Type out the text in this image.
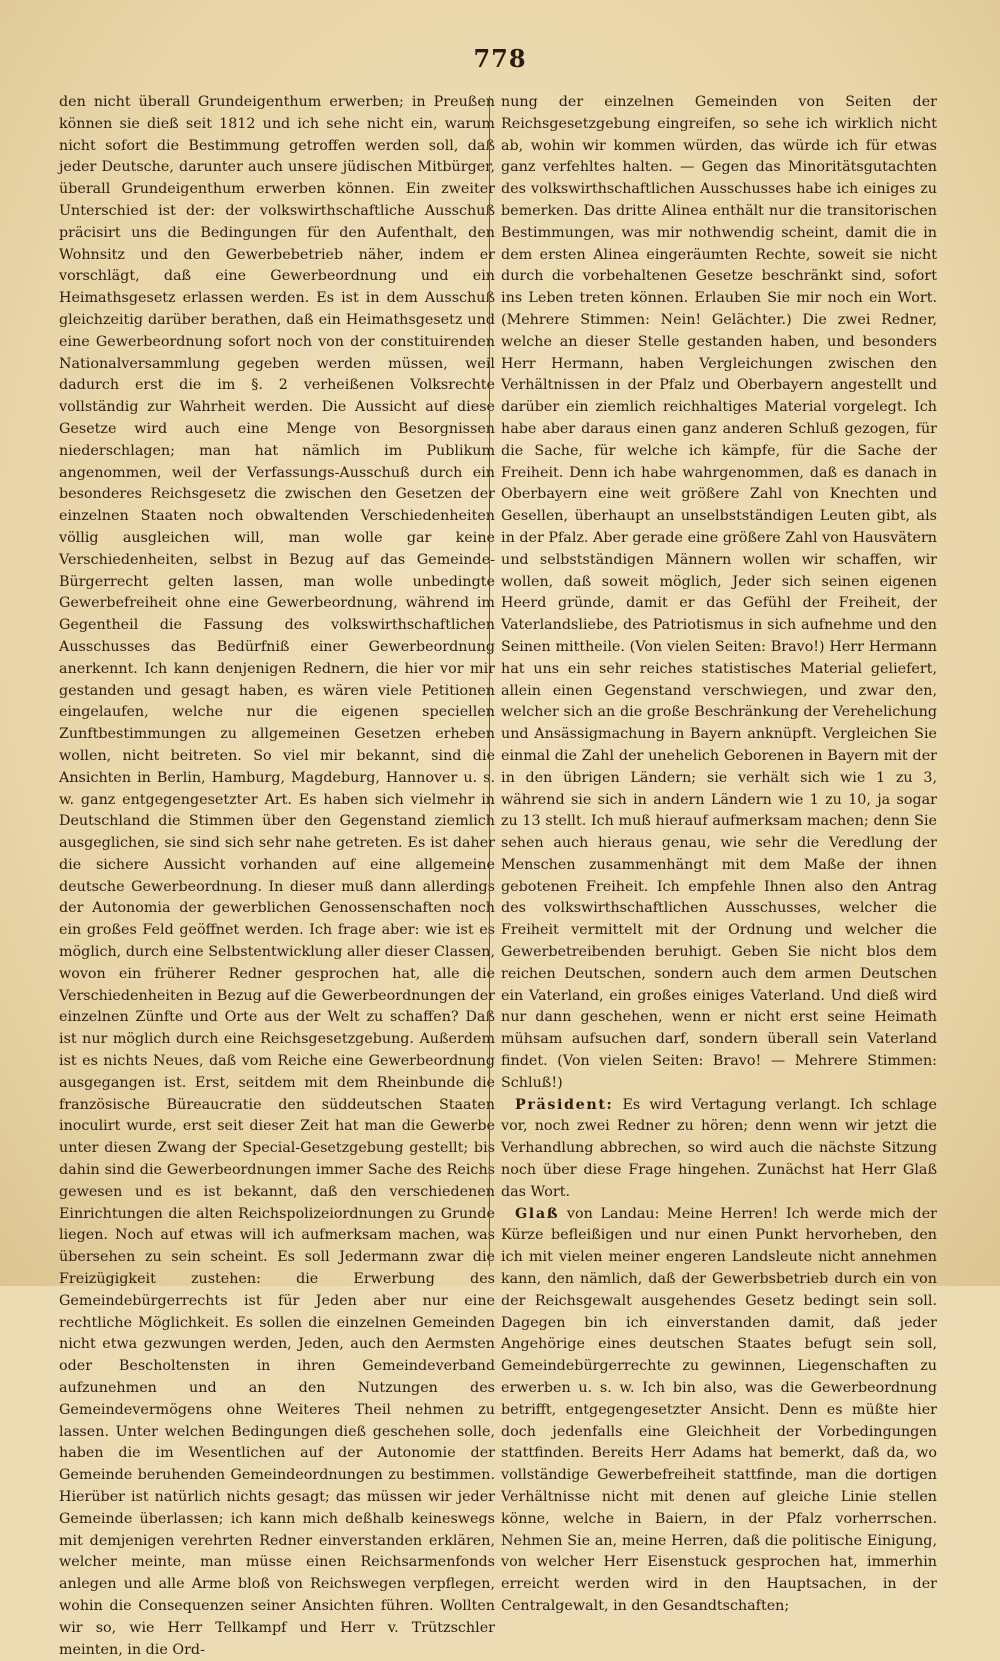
778

den nicht überall Grundeigenthum erwerben; in Preußen können sie dieß seit 1812 und ich sehe nicht ein, warum nicht sofort die Bestimmung getroffen werden soll, daß jeder Deutsche, darunter auch unsere jüdischen Mitbürger, überall Grundeigenthum erwerben können. Ein zweiter Unterschied ist der: der volkswirthschaftliche Ausschuß präcisirt uns die Bedingungen für den Aufenthalt, den Wohnsitz und den Gewerbebetrieb näher, indem er vorschlägt, daß eine Gewerbeordnung und ein Heimathsgesetz erlassen werden. Es ist in dem Ausschuß gleichzeitig darüber berathen, daß ein Heimathsgesetz und eine Gewerbeordnung sofort noch von der constituirenden Nationalversammlung gegeben werden müssen, weil dadurch erst die im §. 2 verheißenen Volksrechte vollständig zur Wahrheit werden. Die Aussicht auf diese Gesetze wird auch eine Menge von Besorgnissen niederschlagen; man hat nämlich im Publikum angenommen, weil der Verfassungs-Ausschuß durch ein besonderes Reichsgesetz die zwischen den Gesetzen der einzelnen Staaten noch obwaltenden Verschiedenheiten völlig ausgleichen will, man wolle gar keine Verschiedenheiten, selbst in Bezug auf das Gemeinde-Bürgerrecht gelten lassen, man wolle unbedingte Gewerbefreiheit ohne eine Gewerbeordnung, während im Gegentheil die Fassung des volkswirthschaftlichen Ausschusses das Bedürfniß einer Gewerbeordnung anerkennt. Ich kann denjenigen Rednern, die hier vor mir gestanden und gesagt haben, es wären viele Petitionen eingelaufen, welche nur die eigenen speciellen Zunftbestimmungen zu allgemeinen Gesetzen erheben wollen, nicht beitreten. So viel mir bekannt, sind die Ansichten in Berlin, Hamburg, Magdeburg, Hannover u. s. w. ganz entgegengesetzter Art. Es haben sich vielmehr in Deutschland die Stimmen über den Gegenstand ziemlich ausgeglichen, sie sind sich sehr nahe getreten. Es ist daher die sichere Aussicht vorhanden auf eine allgemeine deutsche Gewerbeordnung. In dieser muß dann allerdings der Autonomia der gewerblichen Genossenschaften noch ein großes Feld geöffnet werden. Ich frage aber: wie ist es möglich, durch eine Selbstentwicklung aller dieser Classen, wovon ein früherer Redner gesprochen hat, alle die Verschiedenheiten in Bezug auf die Gewerbeordnungen der einzelnen Zünfte und Orte aus der Welt zu schaffen? Daß ist nur möglich durch eine Reichsgesetzgebung. Außerdem ist es nichts Neues, daß vom Reiche eine Gewerbeordnung ausgegangen ist. Erst, seitdem mit dem Rheinbunde die französische Büreaucratie den süddeutschen Staaten inoculirt wurde, erst seit dieser Zeit hat man die Gewerbe unter diesen Zwang der Special-Gesetzgebung gestellt; bis dahin sind die Gewerbeordnungen immer Sache des Reichs gewesen und es ist bekannt, daß den verschiedenen Einrichtungen die alten Reichspolizeiordnungen zu Grunde liegen. Noch auf etwas will ich aufmerksam machen, was übersehen zu sein scheint. Es soll Jedermann zwar die Freizügigkeit zustehen: die Erwerbung des Gemeindebürgerrechts ist für Jeden aber nur eine rechtliche Möglichkeit. Es sollen die einzelnen Gemeinden nicht etwa gezwungen werden, Jeden, auch den Aermsten oder Bescholtensten in ihren Gemeindeverband aufzunehmen und an den Nutzungen des Gemeindevermögens ohne Weiteres Theil nehmen zu lassen. Unter welchen Bedingungen dieß geschehen solle, haben die im Wesentlichen auf der Autonomie der Gemeinde beruhenden Gemeindeordnungen zu bestimmen. Hierüber ist natürlich nichts gesagt; das müssen wir jeder Gemeinde überlassen; ich kann mich deßhalb keineswegs mit demjenigen verehrten Redner einverstanden erklären, welcher meinte, man müsse einen Reichsarmenfonds anlegen und alle Arme bloß von Reichswegen verpflegen, wohin die Consequenzen seiner Ansichten führen. Wollten wir so, wie Herr Tellkampf und Herr v. Trützschler meinten, in die Ord-

nung der einzelnen Gemeinden von Seiten der Reichsgesetzgebung eingreifen, so sehe ich wirklich nicht ab, wohin wir kommen würden, das würde ich für etwas ganz verfehltes halten. — Gegen das Minoritätsgutachten des volkswirthschaftlichen Ausschusses habe ich einiges zu bemerken. Das dritte Alinea enthält nur die transitorischen Bestimmungen, was mir nothwendig scheint, damit die in dem ersten Alinea eingeräumten Rechte, soweit sie nicht durch die vorbehaltenen Gesetze beschränkt sind, sofort ins Leben treten können. Erlauben Sie mir noch ein Wort. (Mehrere Stimmen: Nein! Gelächter.) Die zwei Redner, welche an dieser Stelle gestanden haben, und besonders Herr Hermann, haben Vergleichungen zwischen den Verhältnissen in der Pfalz und Oberbayern angestellt und darüber ein ziemlich reichhaltiges Material vorgelegt. Ich habe aber daraus einen ganz anderen Schluß gezogen, für die Sache, für welche ich kämpfe, für die Sache der Freiheit. Denn ich habe wahrgenommen, daß es danach in Oberbayern eine weit größere Zahl von Knechten und Gesellen, überhaupt an unselbstständigen Leuten gibt, als in der Pfalz. Aber gerade eine größere Zahl von Hausvätern und selbstständigen Männern wollen wir schaffen, wir wollen, daß soweit möglich, Jeder sich seinen eigenen Heerd gründe, damit er das Gefühl der Freiheit, der Vaterlandsliebe, des Patriotismus in sich aufnehme und den Seinen mittheile. (Von vielen Seiten: Bravo!) Herr Hermann hat uns ein sehr reiches statistisches Material geliefert, allein einen Gegenstand verschwiegen, und zwar den, welcher sich an die große Beschränkung der Verehelichung und Ansässigmachung in Bayern anknüpft. Vergleichen Sie einmal die Zahl der unehelich Geborenen in Bayern mit der in den übrigen Ländern; sie verhält sich wie 1 zu 3, während sie sich in andern Ländern wie 1 zu 10, ja sogar zu 13 stellt. Ich muß hierauf aufmerksam machen; denn Sie sehen auch hieraus genau, wie sehr die Veredlung der Menschen zusammenhängt mit dem Maße der ihnen gebotenen Freiheit. Ich empfehle Ihnen also den Antrag des volkswirthschaftlichen Ausschusses, welcher die Freiheit vermittelt mit der Ordnung und welcher die Gewerbetreibenden beruhigt. Geben Sie nicht blos dem reichen Deutschen, sondern auch dem armen Deutschen ein Vaterland, ein großes einiges Vaterland. Und dieß wird nur dann geschehen, wenn er nicht erst seine Heimath mühsam aufsuchen darf, sondern überall sein Vaterland findet. (Von vielen Seiten: Bravo! — Mehrere Stimmen: Schluß!)

Präsident: Es wird Vertagung verlangt. Ich schlage vor, noch zwei Redner zu hören; denn wenn wir jetzt die Verhandlung abbrechen, so wird auch die nächste Sitzung noch über diese Frage hingehen. Zunächst hat Herr Glaß das Wort.

Glaß von Landau: Meine Herren! Ich werde mich der Kürze befleißigen und nur einen Punkt hervorheben, den ich mit vielen meiner engeren Landsleute nicht annehmen kann, den nämlich, daß der Gewerbsbetrieb durch ein von der Reichsgewalt ausgehendes Gesetz bedingt sein soll. Dagegen bin ich einverstanden damit, daß jeder Angehörige eines deutschen Staates befugt sein soll, Gemeindebürgerrechte zu gewinnen, Liegenschaften zu erwerben u. s. w. Ich bin also, was die Gewerbeordnung betrifft, entgegengesetzter Ansicht. Denn es müßte hier doch jedenfalls eine Gleichheit der Vorbedingungen stattfinden. Bereits Herr Adams hat bemerkt, daß da, wo vollständige Gewerbefreiheit stattfinde, man die dortigen Verhältnisse nicht mit denen auf gleiche Linie stellen könne, welche in Baiern, in der Pfalz vorherrschen. Nehmen Sie an, meine Herren, daß die politische Einigung, von welcher Herr Eisenstuck gesprochen hat, immerhin erreicht werden wird in den Hauptsachen, in der Centralgewalt, in den Gesandtschaften;
